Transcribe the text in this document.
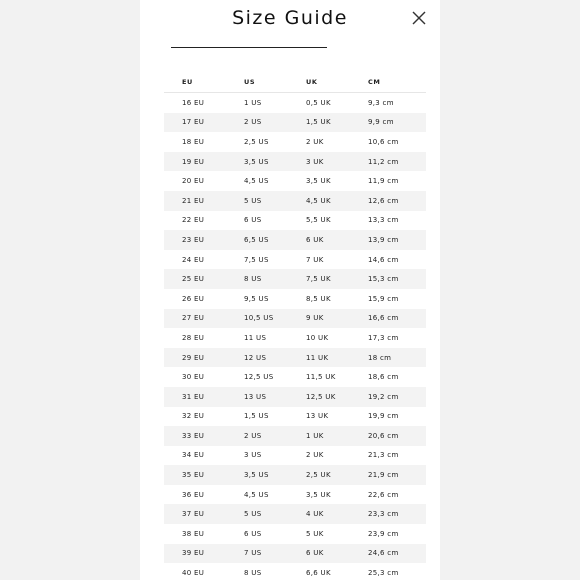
Size Guide
EU	US	UK	CM
16 EU	1 US	0,5 UK	9,3 cm
17 EU	2 US	1,5 UK	9,9 cm
18 EU	2,5 US	2 UK	10,6 cm
19 EU	3,5 US	3 UK	11,2 cm
20 EU	4,5 US	3,5 UK	11,9 cm
21 EU	5 US	4,5 UK	12,6 cm
22 EU	6 US	5,5 UK	13,3 cm
23 EU	6,5 US	6 UK	13,9 cm
24 EU	7,5 US	7 UK	14,6 cm
25 EU	8 US	7,5 UK	15,3 cm
26 EU	9,5 US	8,5 UK	15,9 cm
27 EU	10,5 US	9 UK	16,6 cm
28 EU	11 US	10 UK	17,3 cm
29 EU	12 US	11 UK	18 cm
30 EU	12,5 US	11,5 UK	18,6 cm
31 EU	13 US	12,5 UK	19,2 cm
32 EU	1,5 US	13 UK	19,9 cm
33 EU	2 US	1 UK	20,6 cm
34 EU	3 US	2 UK	21,3 cm
35 EU	3,5 US	2,5 UK	21,9 cm
36 EU	4,5 US	3,5 UK	22,6 cm
37 EU	5 US	4 UK	23,3 cm
38 EU	6 US	5 UK	23,9 cm
39 EU	7 US	6 UK	24,6 cm
40 EU	8 US	6,6 UK	25,3 cm
